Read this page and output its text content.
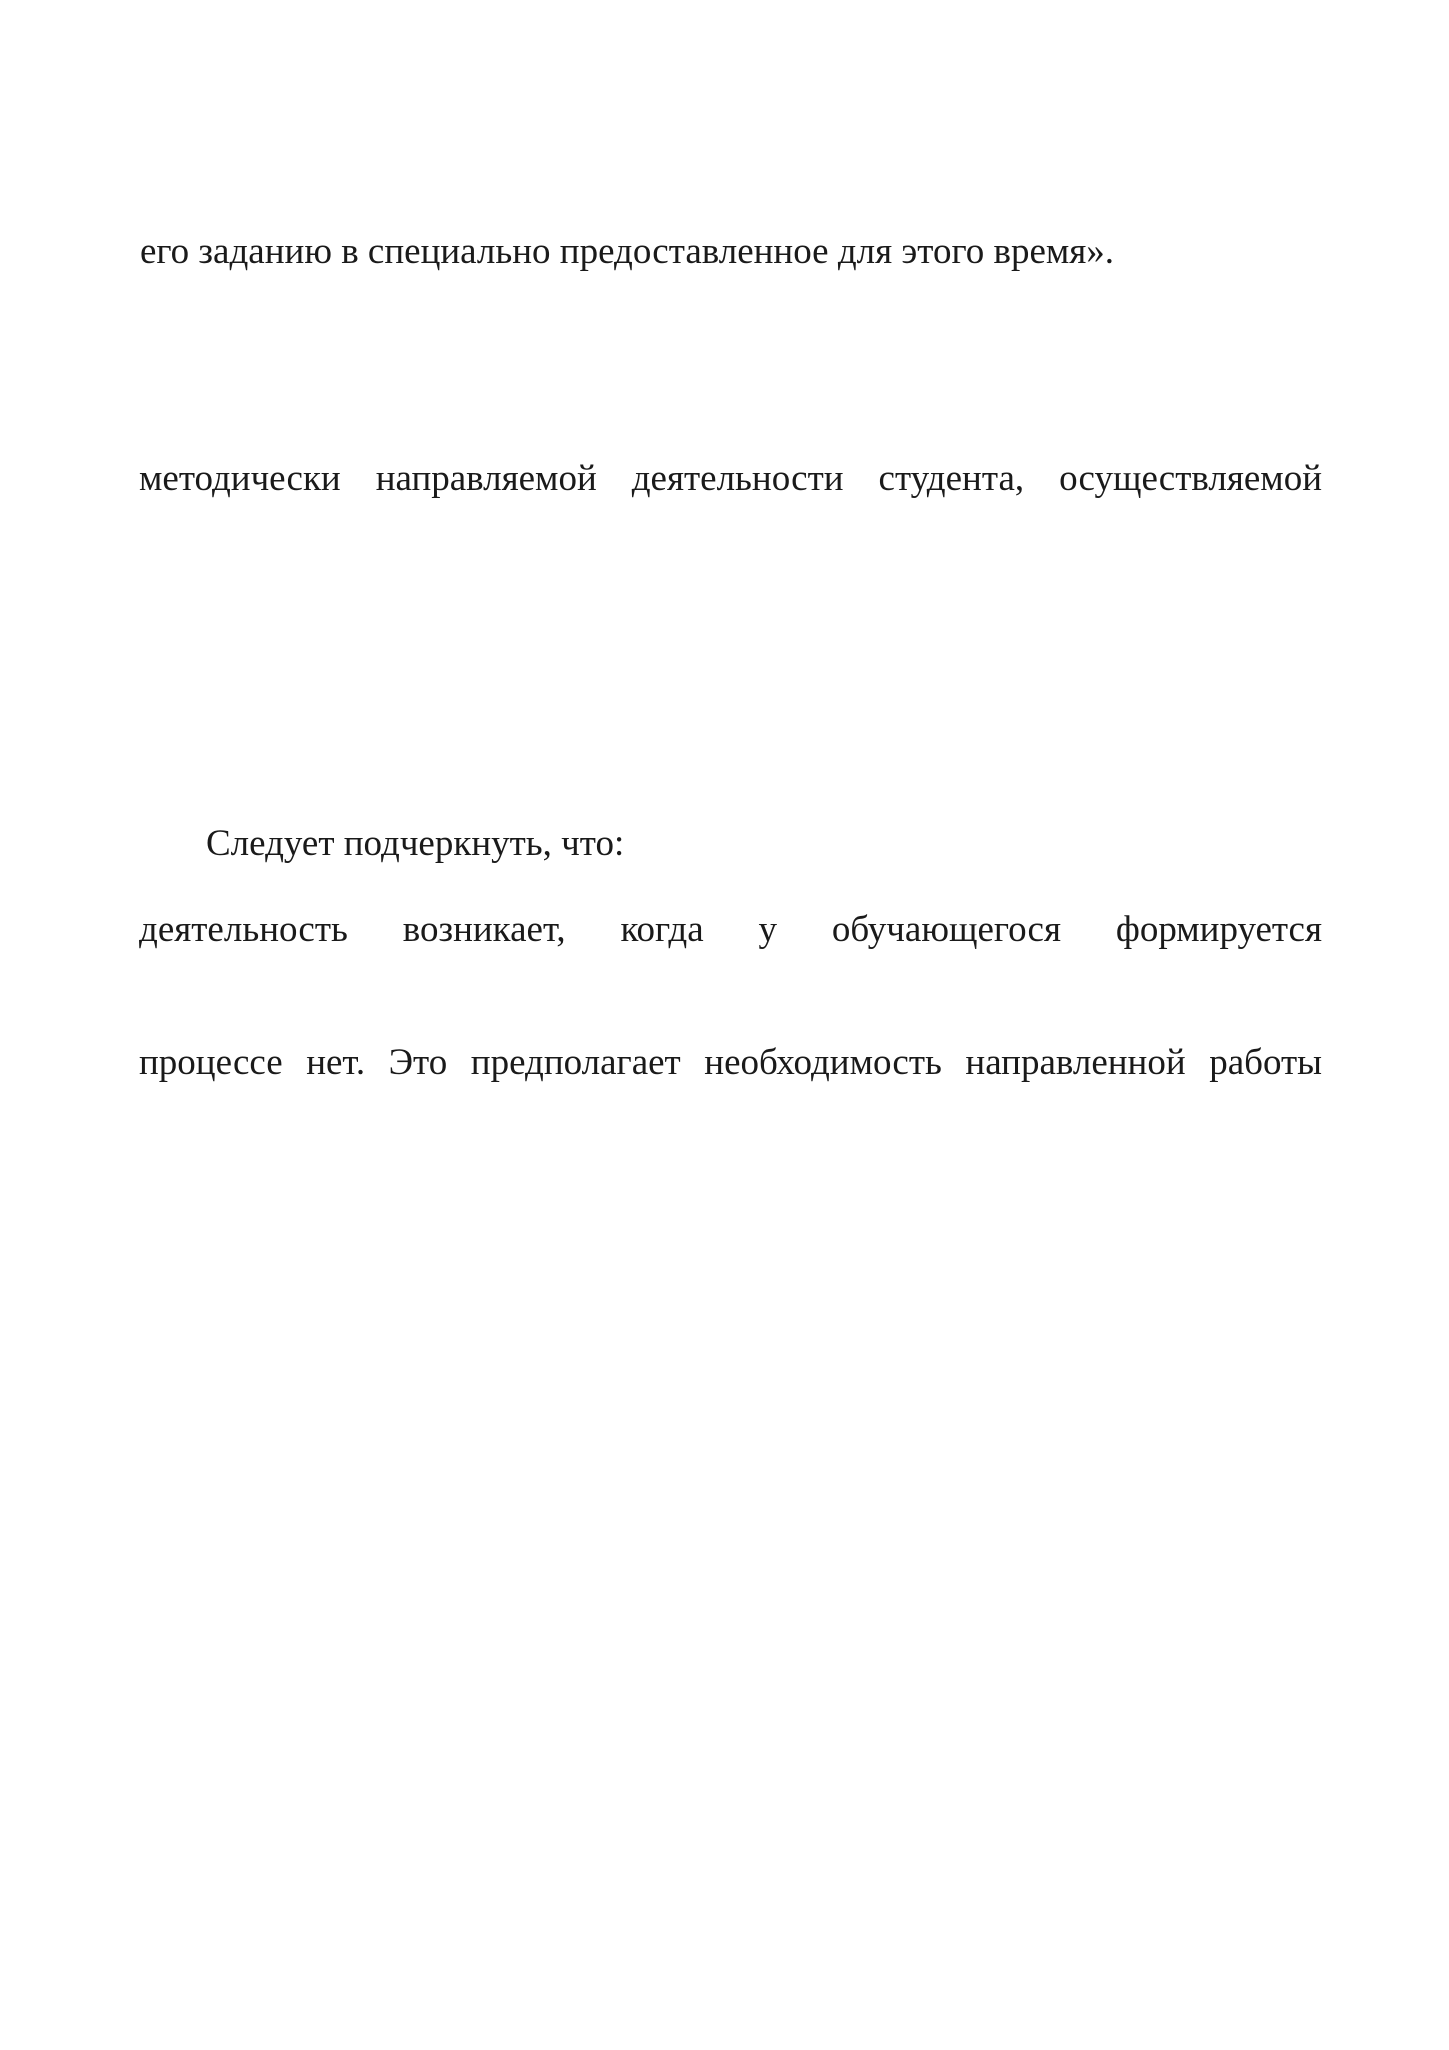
его заданию в специально предоставленное для этого время».
методически направляемой деятельности студента, осуществляемой
Следует подчеркнуть, что:
деятельность возникает, когда у обучающегося формируется
процессе нет. Это предполагает необходимость направленной работы
